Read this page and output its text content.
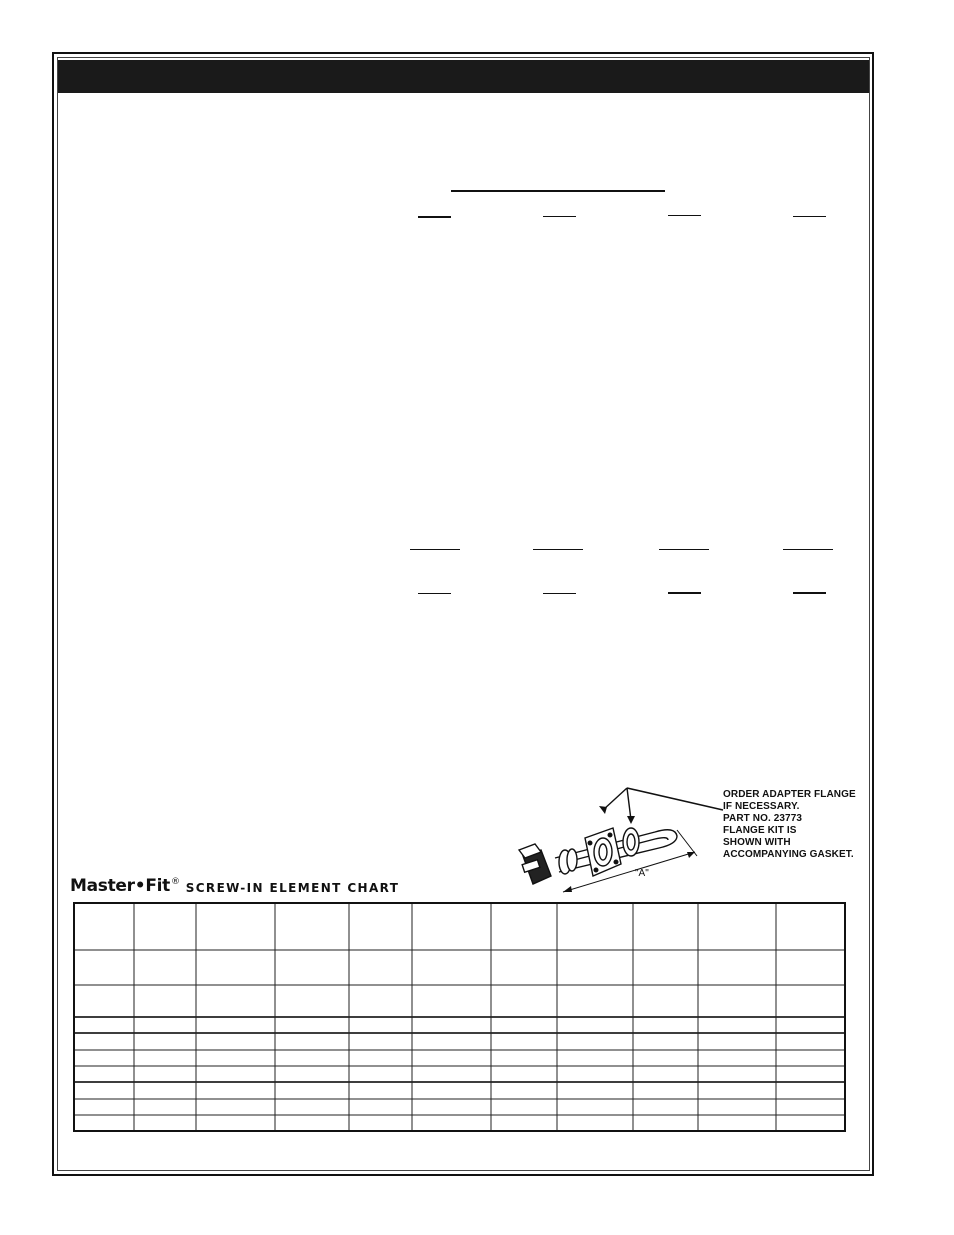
"A"
ORDER ADAPTER FLANGE
IF NECESSARY.
PART NO. 23773
FLANGE KIT IS
SHOWN WITH
ACCOMPANYING GASKET.
Master•Fit® SCREW-IN ELEMENT CHART
